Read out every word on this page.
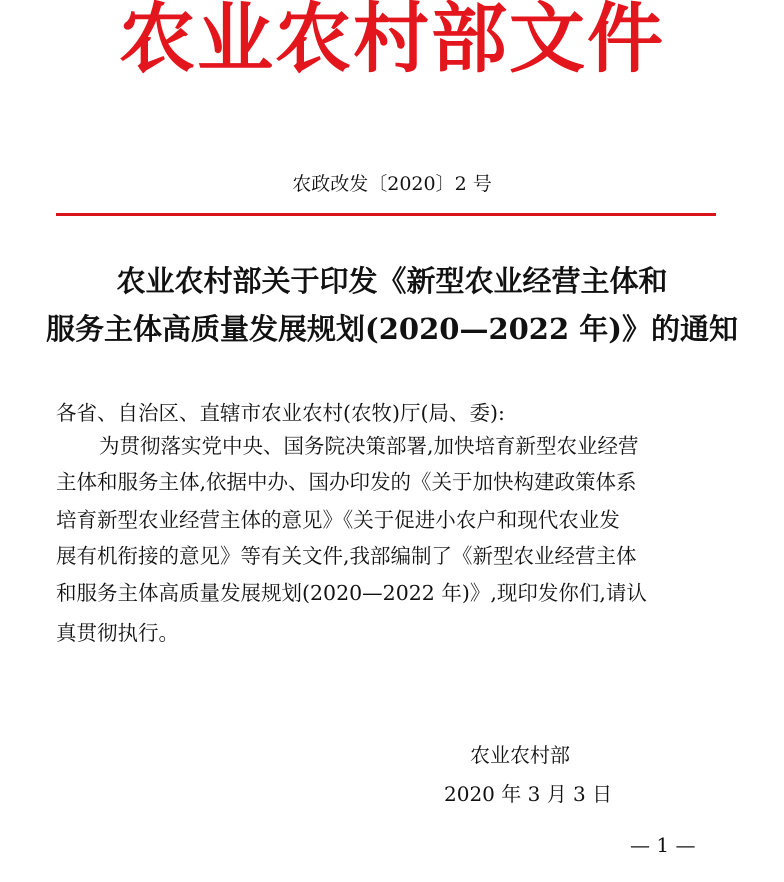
农业农村部文件
农政改发〔2020〕2 号
农业农村部关于印发《新型农业经营主体和
服务主体高质量发展规划(2020—2022 年)》的通知
各省、自治区、直辖市农业农村(农牧)厅(局、委):
为贯彻落实党中央、国务院决策部署,加快培育新型农业经营
主体和服务主体,依据中办、国办印发的《关于加快构建政策体系
培育新型农业经营主体的意见》《关于促进小农户和现代农业发
展有机衔接的意见》等有关文件,我部编制了《新型农业经营主体
和服务主体高质量发展规划(2020—2022 年)》,现印发你们,请认
真贯彻执行。
农业农村部
2020 年 3 月 3 日
— 1 —
